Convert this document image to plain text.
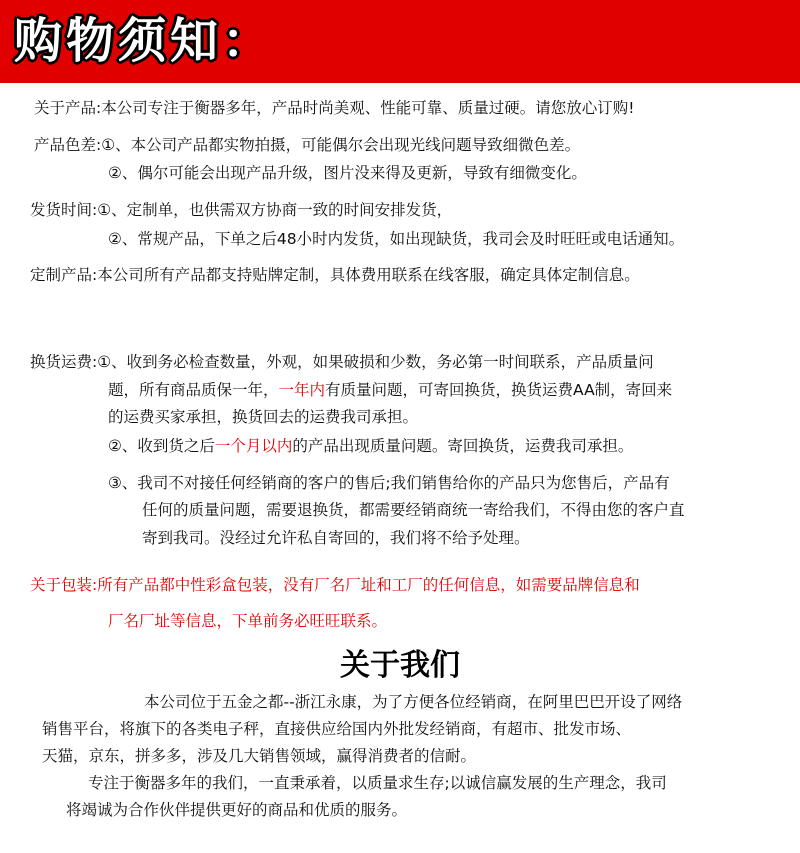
购物须知：
关于产品:本公司专注于衡器多年，产品时尚美观、性能可靠、质量过硬。请您放心订购!
产品色差:①、本公司产品都实物拍摄，可能偶尔会出现光线问题导致细微色差。
②、偶尔可能会出现产品升级，图片没来得及更新，导致有细微变化。
发货时间:①、定制单，也供需双方协商一致的时间安排发货，
②、常规产品，下单之后48小时内发货，如出现缺货，我司会及时旺旺或电话通知。
定制产品:本公司所有产品都支持贴牌定制，具体费用联系在线客服，确定具体定制信息。
换货运费:①、收到务必检查数量，外观，如果破损和少数，务必第一时间联系，产品质量问
题，所有商品质保一年，一年内有质量问题，可寄回换货，换货运费AA制，寄回来
的运费买家承担，换货回去的运费我司承担。
②、收到货之后一个月以内的产品出现质量问题。寄回换货，运费我司承担。
③、我司不对接任何经销商的客户的售后;我们销售给你的产品只为您售后，产品有
任何的质量问题，需要退换货，都需要经销商统一寄给我们，不得由您的客户直
寄到我司。没经过允许私自寄回的，我们将不给予处理。
关于包装:所有产品都中性彩盒包装，没有厂名厂址和工厂的任何信息，如需要品牌信息和
厂名厂址等信息，下单前务必旺旺联系。
关于我们
本公司位于五金之都--浙江永康，为了方便各位经销商，在阿里巴巴开设了网络
销售平台，将旗下的各类电子秤，直接供应给国内外批发经销商，有超市、批发市场、
天猫，京东，拼多多，涉及几大销售领域，赢得消费者的信耐。
专注于衡器多年的我们，一直秉承着，以质量求生存;以诚信赢发展的生产理念，我司
将竭诚为合作伙伴提供更好的商品和优质的服务。
